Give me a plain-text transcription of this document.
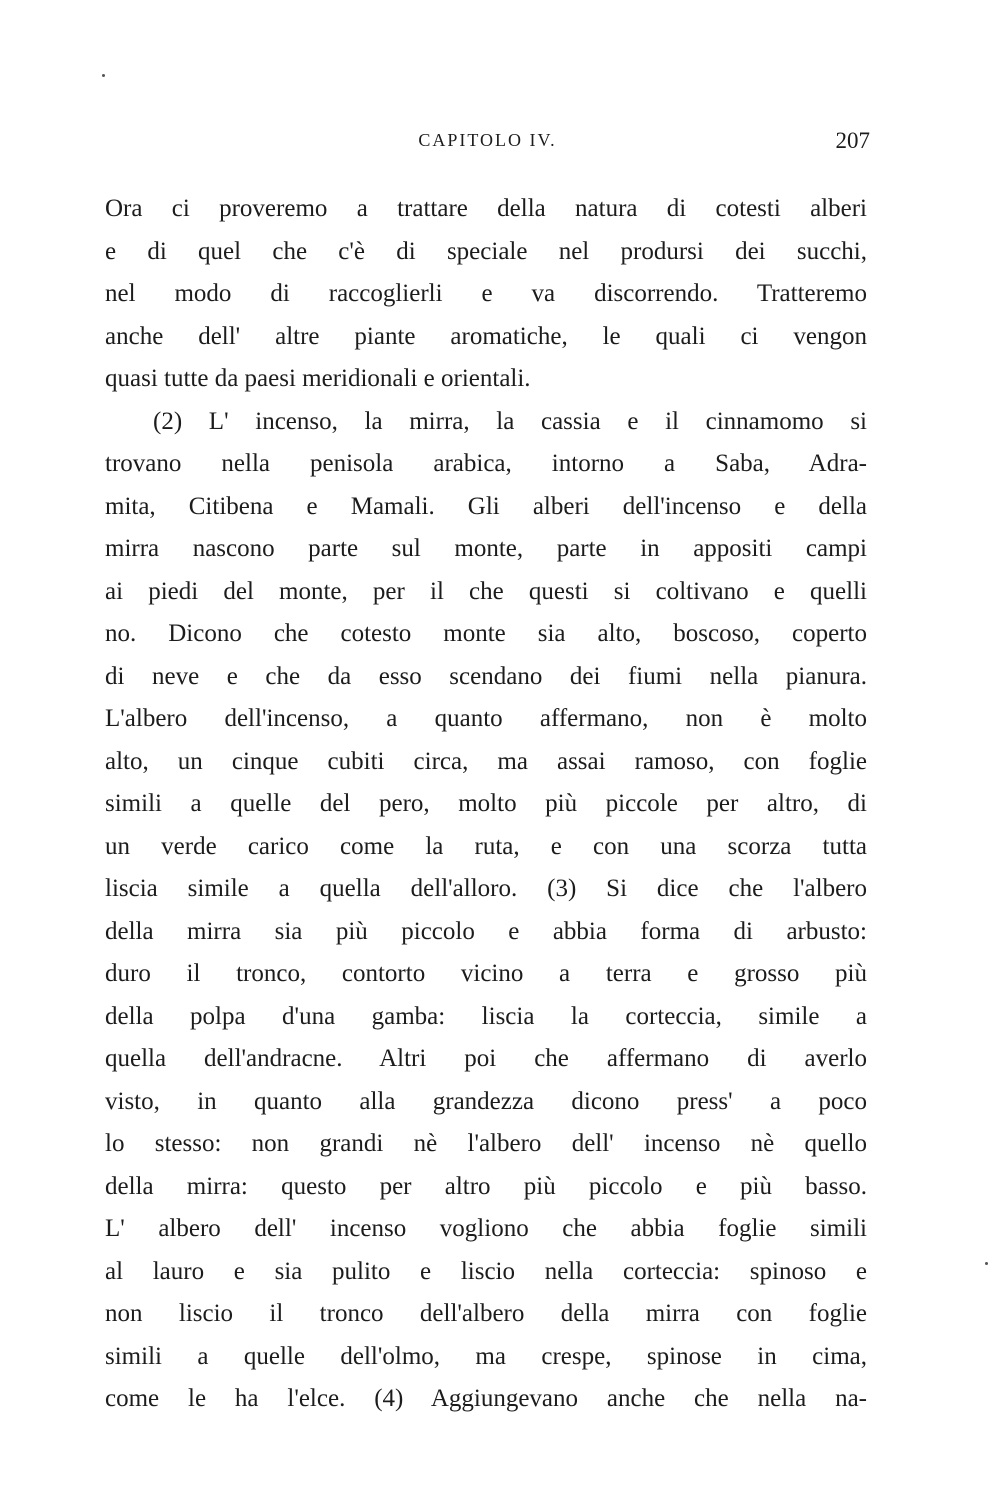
CAPITOLO IV.	207
Ora ci proveremo a trattare della natura di cotesti alberi
e di quel che c'è di speciale nel prodursi dei succhi,
nel modo di raccoglierli e va discorrendo. Tratteremo
anche dell' altre piante aromatiche, le quali ci vengon
quasi tutte da paesi meridionali e orientali.
(2) L' incenso, la mirra, la cassia e il cinnamomo si
trovano nella penisola arabica, intorno a Saba, Adra-
mita, Citibena e Mamali. Gli alberi dell'incenso e della
mirra nascono parte sul monte, parte in appositi campi
ai piedi del monte, per il che questi si coltivano e quelli
no. Dicono che cotesto monte sia alto, boscoso, coperto
di neve e che da esso scendano dei fiumi nella pianura.
L'albero dell'incenso, a quanto affermano, non è molto
alto, un cinque cubiti circa, ma assai ramoso, con foglie
simili a quelle del pero, molto più piccole per altro, di
un verde carico come la ruta, e con una scorza tutta
liscia simile a quella dell'alloro. (3) Si dice che l'albero
della mirra sia più piccolo e abbia forma di arbusto:
duro il tronco, contorto vicino a terra e grosso più
della polpa d'una gamba: liscia la corteccia, simile a
quella dell'andracne. Altri poi che affermano di averlo
visto, in quanto alla grandezza dicono press' a poco
lo stesso: non grandi nè l'albero dell' incenso nè quello
della mirra: questo per altro più piccolo e più basso.
L' albero dell' incenso vogliono che abbia foglie simili
al lauro e sia pulito e liscio nella corteccia: spinoso e
non liscio il tronco dell'albero della mirra con foglie
simili a quelle dell'olmo, ma crespe, spinose in cima,
come le ha l'elce. (4) Aggiungevano anche che nella na-
